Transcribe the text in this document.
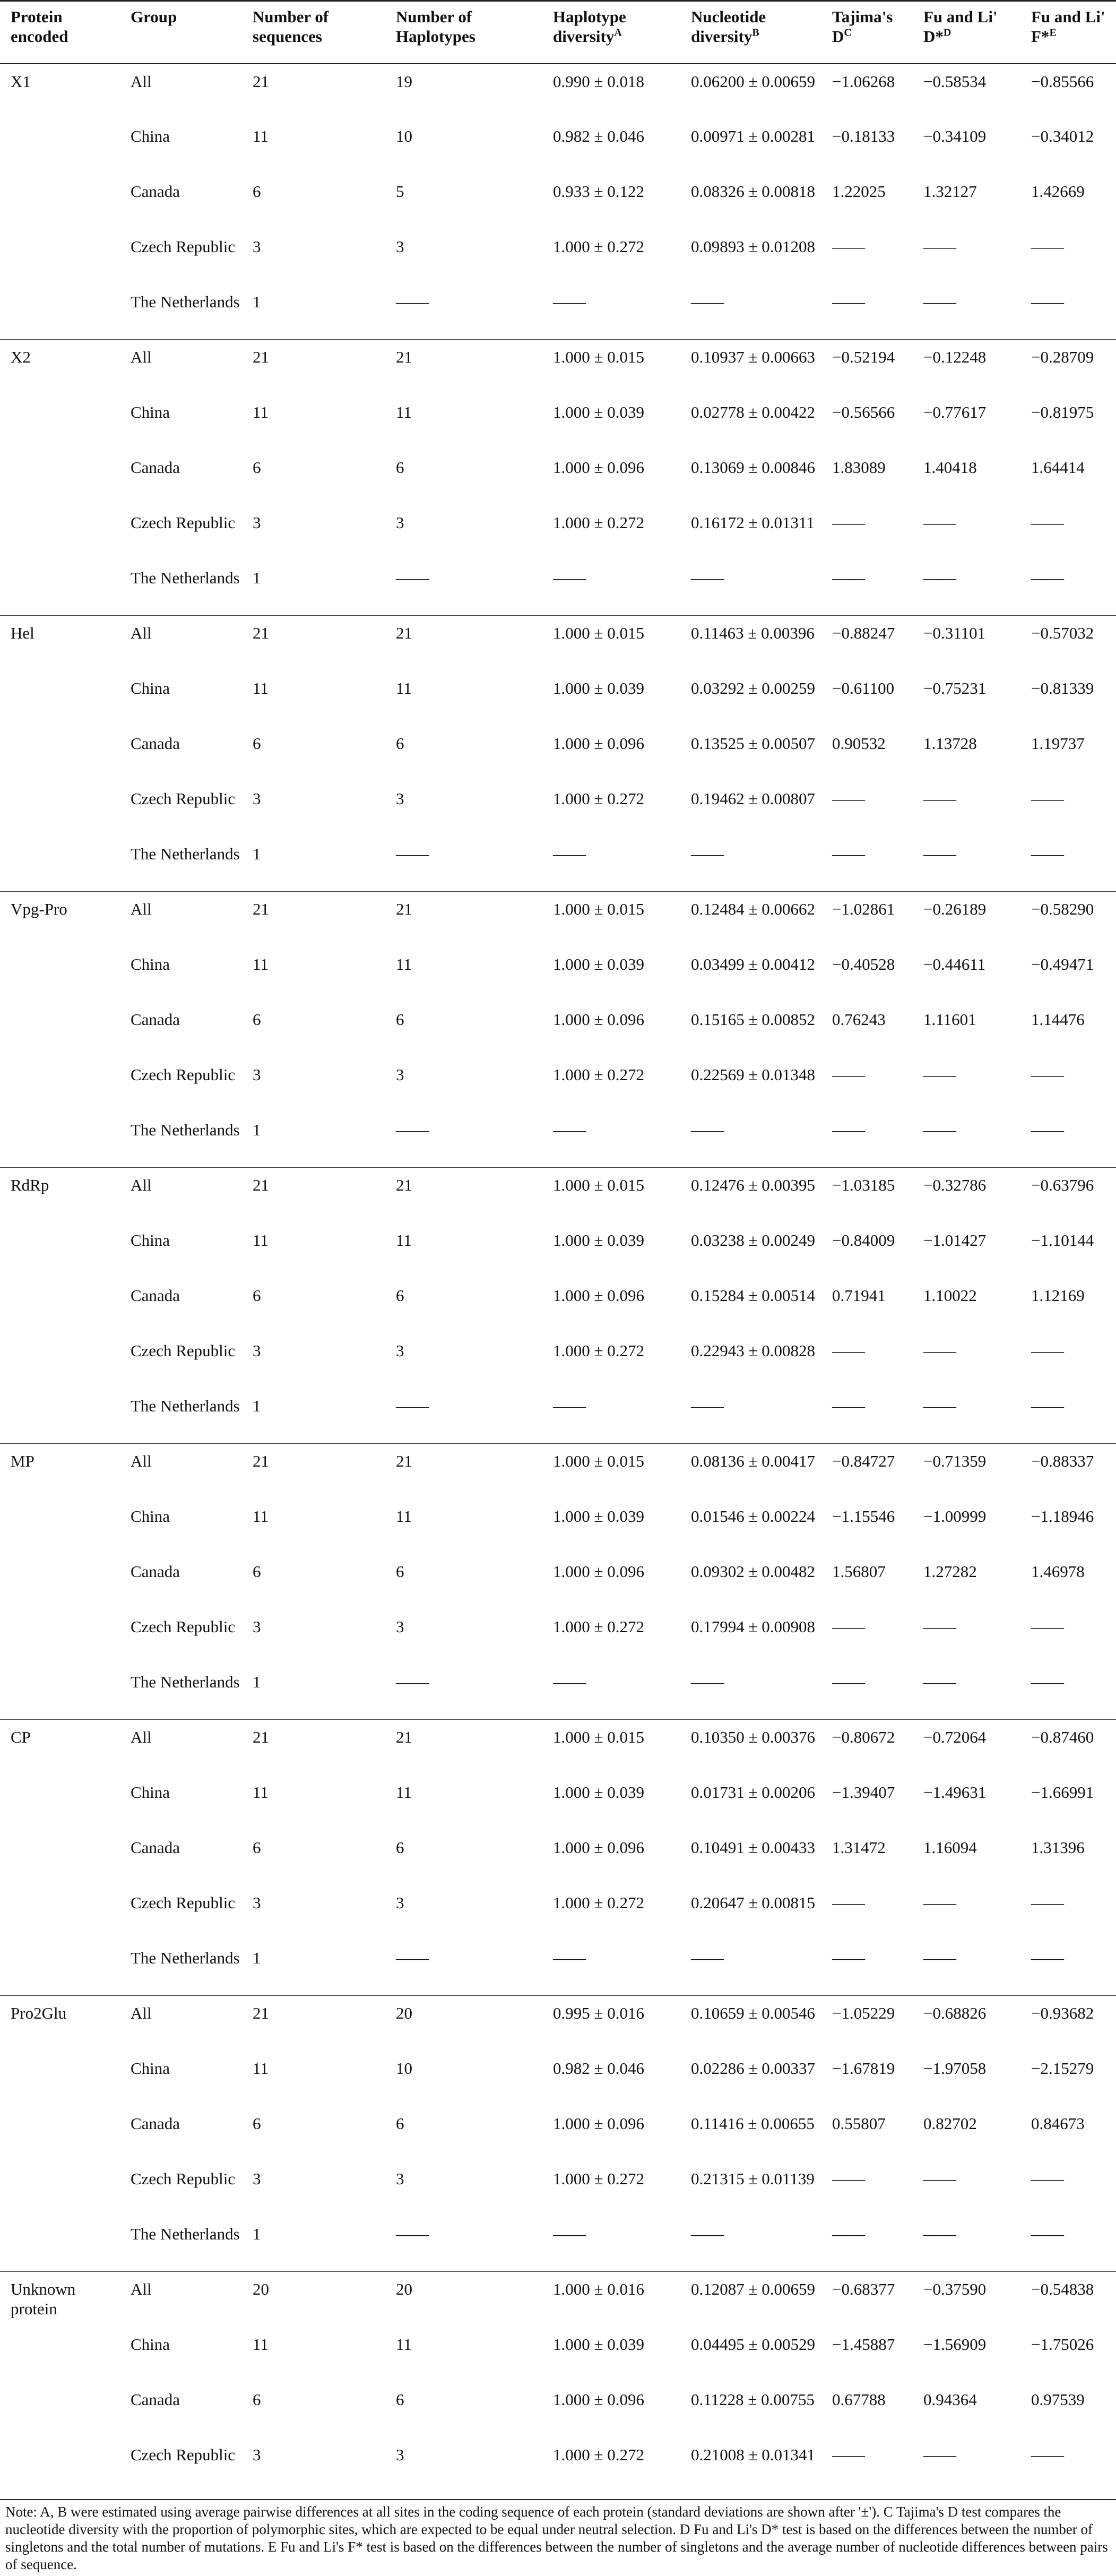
Protein encoded	Group	Number of sequences	Number of Haplotypes	Haplotype diversity$^A$	Nucleotide diversity$^B$	Tajima's $D^C$	Fu and Li' D*$^D$	Fu and Li' F*$^E$
X1	All	21	19	0.990 ± 0.018	0.06200 ± 0.00659	−1.06268	−0.58534	−0.85566
	China	11	10	0.982 ± 0.046	0.00971 ± 0.00281	−0.18133	−0.34109	−0.34012
	Canada	6	5	0.933 ± 0.122	0.08326 ± 0.00818	1.22025	1.32127	1.42669
	Czech Republic	3	3	1.000 ± 0.272	0.09893 ± 0.01208	——	——	——
	The Netherlands	1	——	——	——	——	——	——
X2	All	21	21	1.000 ± 0.015	0.10937 ± 0.00663	−0.52194	−0.12248	−0.28709
	China	11	11	1.000 ± 0.039	0.02778 ± 0.00422	−0.56566	−0.77617	−0.81975
	Canada	6	6	1.000 ± 0.096	0.13069 ± 0.00846	1.83089	1.40418	1.64414
	Czech Republic	3	3	1.000 ± 0.272	0.16172 ± 0.01311	——	——	——
	The Netherlands	1	——	——	——	——	——	——
Hel	All	21	21	1.000 ± 0.015	0.11463 ± 0.00396	−0.88247	−0.31101	−0.57032
	China	11	11	1.000 ± 0.039	0.03292 ± 0.00259	−0.61100	−0.75231	−0.81339
	Canada	6	6	1.000 ± 0.096	0.13525 ± 0.00507	0.90532	1.13728	1.19737
	Czech Republic	3	3	1.000 ± 0.272	0.19462 ± 0.00807	——	——	——
	The Netherlands	1	——	——	——	——	——	——
Vpg-Pro	All	21	21	1.000 ± 0.015	0.12484 ± 0.00662	−1.02861	−0.26189	−0.58290
	China	11	11	1.000 ± 0.039	0.03499 ± 0.00412	−0.40528	−0.44611	−0.49471
	Canada	6	6	1.000 ± 0.096	0.15165 ± 0.00852	0.76243	1.11601	1.14476
	Czech Republic	3	3	1.000 ± 0.272	0.22569 ± 0.01348	——	——	——
	The Netherlands	1	——	——	——	——	——	——
RdRp	All	21	21	1.000 ± 0.015	0.12476 ± 0.00395	−1.03185	−0.32786	−0.63796
	China	11	11	1.000 ± 0.039	0.03238 ± 0.00249	−0.84009	−1.01427	−1.10144
	Canada	6	6	1.000 ± 0.096	0.15284 ± 0.00514	0.71941	1.10022	1.12169
	Czech Republic	3	3	1.000 ± 0.272	0.22943 ± 0.00828	——	——	——
	The Netherlands	1	——	——	——	——	——	——
MP	All	21	21	1.000 ± 0.015	0.08136 ± 0.00417	−0.84727	−0.71359	−0.88337
	China	11	11	1.000 ± 0.039	0.01546 ± 0.00224	−1.15546	−1.00999	−1.18946
	Canada	6	6	1.000 ± 0.096	0.09302 ± 0.00482	1.56807	1.27282	1.46978
	Czech Republic	3	3	1.000 ± 0.272	0.17994 ± 0.00908	——	——	——
	The Netherlands	1	——	——	——	——	——	——
CP	All	21	21	1.000 ± 0.015	0.10350 ± 0.00376	−0.80672	−0.72064	−0.87460
	China	11	11	1.000 ± 0.039	0.01731 ± 0.00206	−1.39407	−1.49631	−1.66991
	Canada	6	6	1.000 ± 0.096	0.10491 ± 0.00433	1.31472	1.16094	1.31396
	Czech Republic	3	3	1.000 ± 0.272	0.20647 ± 0.00815	——	——	——
	The Netherlands	1	——	——	——	——	——	——
Pro2Glu	All	21	20	0.995 ± 0.016	0.10659 ± 0.00546	−1.05229	−0.68826	−0.93682
	China	11	10	0.982 ± 0.046	0.02286 ± 0.00337	−1.67819	−1.97058	−2.15279
	Canada	6	6	1.000 ± 0.096	0.11416 ± 0.00655	0.55807	0.82702	0.84673
	Czech Republic	3	3	1.000 ± 0.272	0.21315 ± 0.01139	——	——	——
	The Netherlands	1	——	——	——	——	——	——
Unknown protein	All	20	20	1.000 ± 0.016	0.12087 ± 0.00659	−0.68377	−0.37590	−0.54838
	China	11	11	1.000 ± 0.039	0.04495 ± 0.00529	−1.45887	−1.56909	−1.75026
	Canada	6	6	1.000 ± 0.096	0.11228 ± 0.00755	0.67788	0.94364	0.97539
	Czech Republic	3	3	1.000 ± 0.272	0.21008 ± 0.01341	——	——	——
Note: A, B were estimated using average pairwise differences at all sites in the coding sequence of each protein (standard deviations are shown after '±'). C Tajima's D test compares the nucleotide diversity with the proportion of polymorphic sites, which are expected to be equal under neutral selection. D Fu and Li's D* test is based on the differences between the number of singletons and the total number of mutations. E Fu and Li's F* test is based on the differences between the number of singletons and the average number of nucleotide differences between pairs of sequence.
